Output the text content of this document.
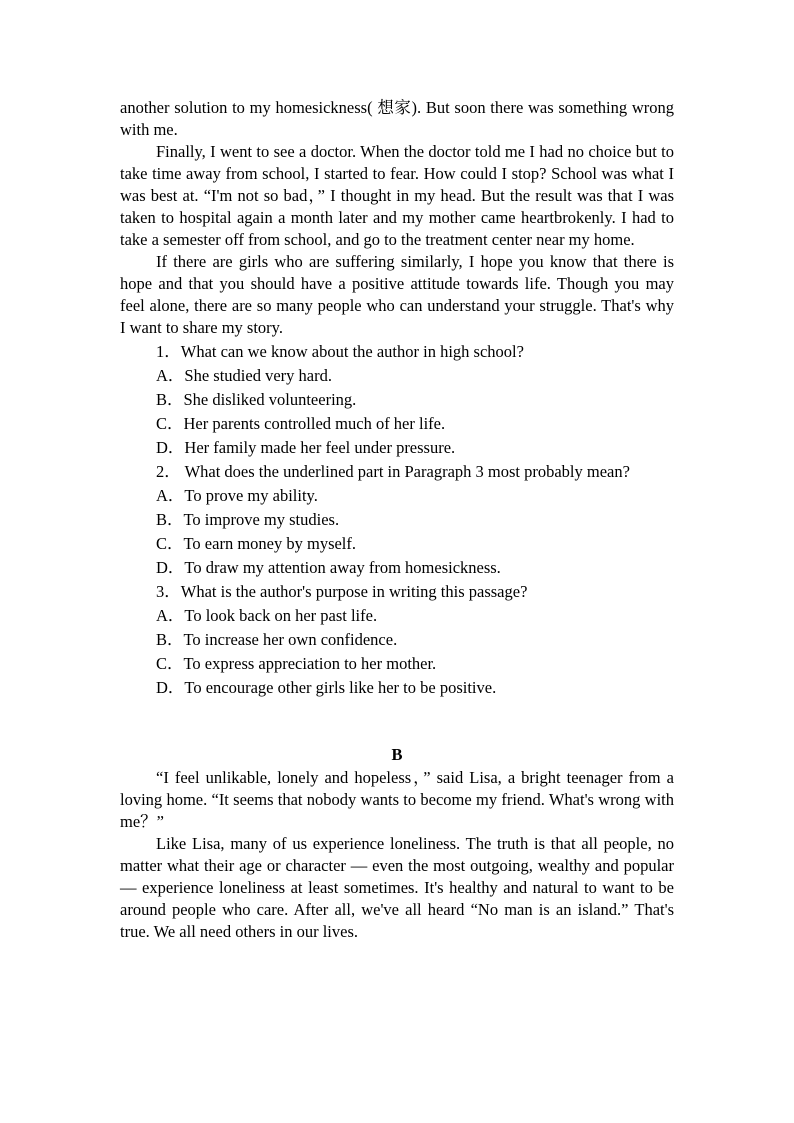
another solution to my homesickness( 想家). But soon there was something wrong with me.

Finally, I went to see a doctor. When the doctor told me I had no choice but to take time away from school, I started to fear. How could I stop? School was what I was best at. “I'm not so bad，” I thought in my head. But the result was that I was taken to hospital again a month later and my mother came heartbrokenly. I had to take a semester off from school, and go to the treatment center near my home.

If there are girls who are suffering similarly, I hope you know that there is hope and that you should have a positive attitude towards life. Though you may feel alone, there are so many people who can understand your struggle. That's why I want to share my story.

1．What can we know about the author in high school?

A．She studied very hard.

B．She disliked volunteering.

C．Her parents controlled much of her life.

D．Her family made her feel under pressure.

2． What does the underlined part in Paragraph 3 most probably mean?

A．To prove my ability.

B．To improve my studies.

C．To earn money by myself.

D．To draw my attention away from homesickness.

3．What is the author's purpose in writing this passage?

A．To look back on her past life.

B．To increase her own confidence.

C．To express appreciation to her mother.

D．To encourage other girls like her to be positive.

B

“I feel unlikable, lonely and hopeless，” said Lisa, a bright teenager from a loving home. “It seems that nobody wants to become my friend. What's wrong with me？”

Like Lisa, many of us experience loneliness. The truth is that all people, no matter what their age or character — even the most outgoing, wealthy and popular — experience loneliness at least sometimes. It's healthy and natural to want to be around people who care. After all, we've all heard “No man is an island.” That's true. We all need others in our lives.
